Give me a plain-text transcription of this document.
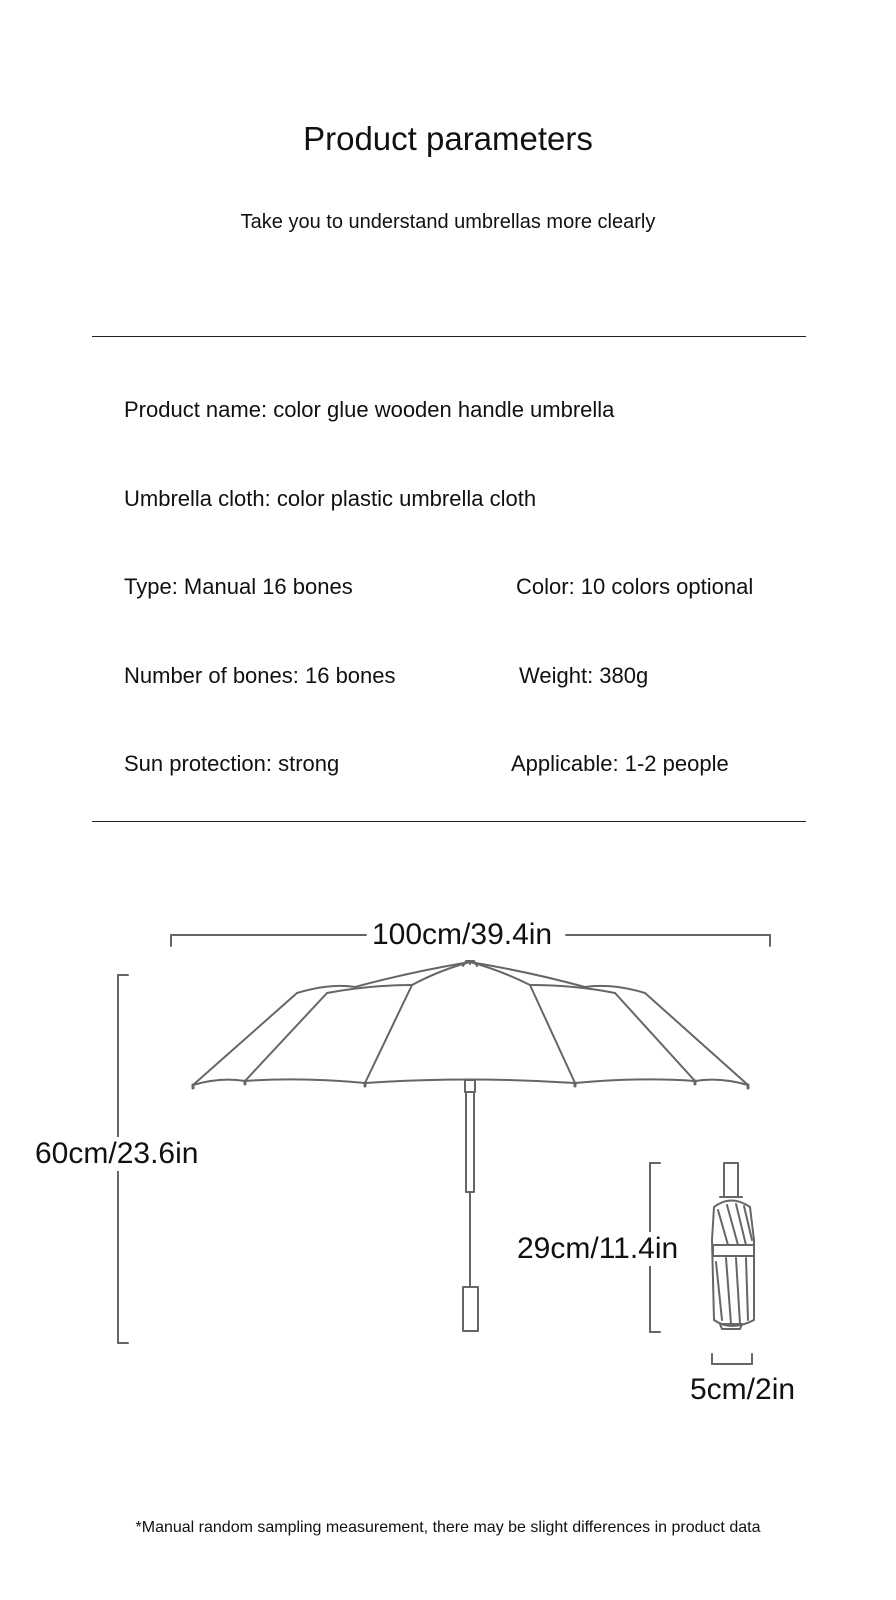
Product parameters
Take you to understand umbrellas more clearly
Product name: color glue wooden handle umbrella
Umbrella cloth: color plastic umbrella cloth
Type: Manual 16 bones	Color: 10 colors optional
Number of bones: 16 bones	Weight: 380g
Sun protection: strong	Applicable: 1-2 people
100cm/39.4in
60cm/23.6in
29cm/11.4in
5cm/2in
*Manual random sampling measurement, there may be slight differences in product data
